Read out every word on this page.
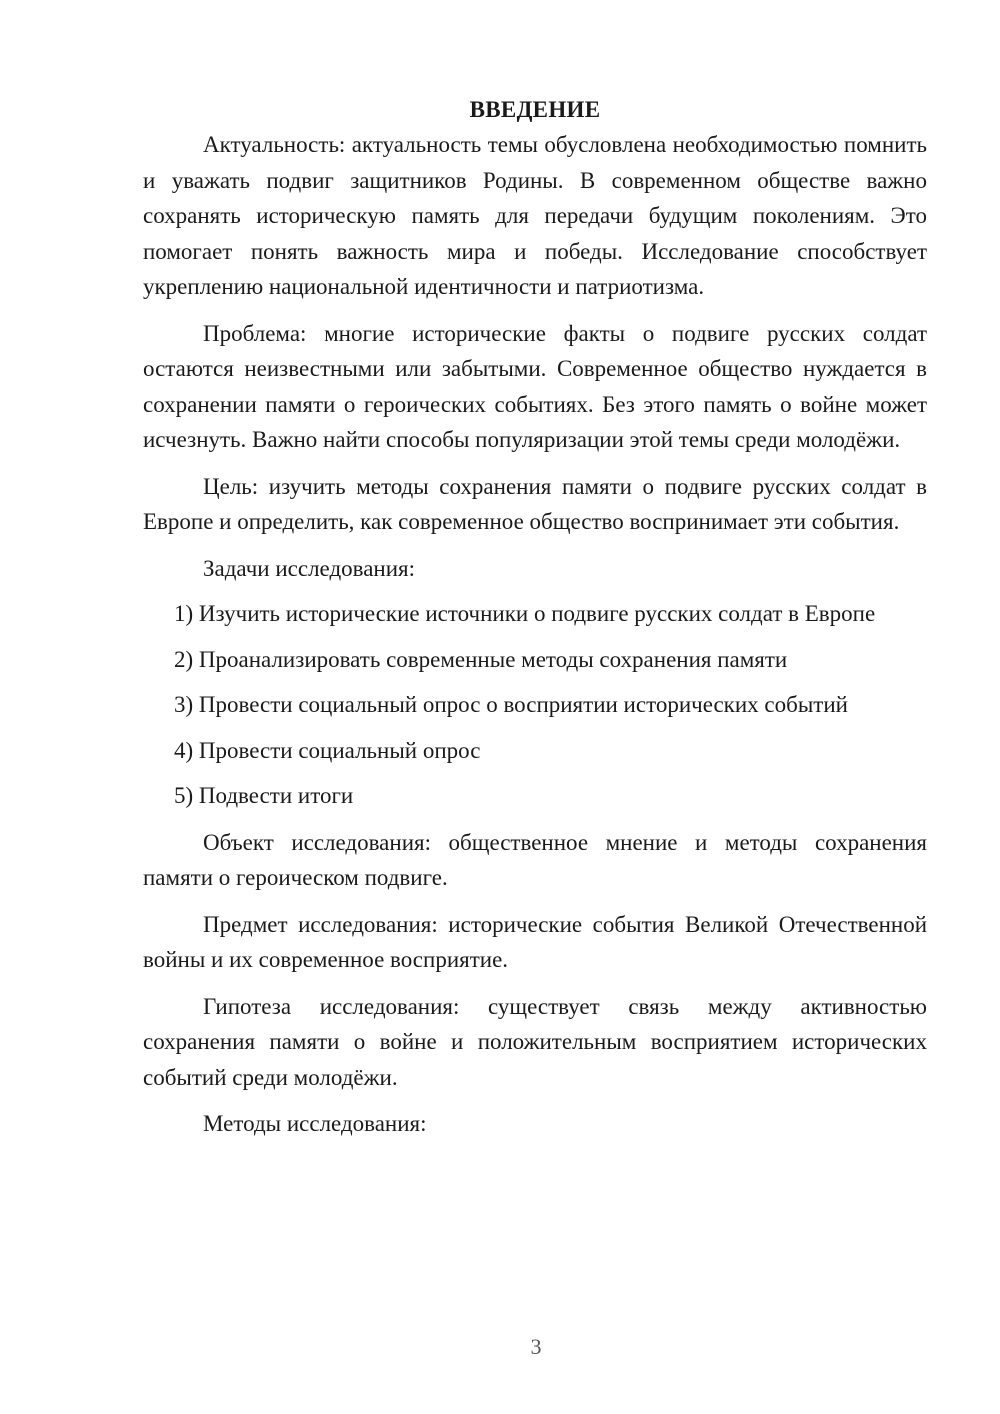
ВВЕДЕНИЕ

Актуальность: актуальность темы обусловлена необходимостью помнить и уважать подвиг защитников Родины. В современном обществе важно сохранять историческую память для передачи будущим поколениям. Это помогает понять важность мира и победы. Исследование способствует укреплению национальной идентичности и патриотизма.

Проблема: многие исторические факты о подвиге русских солдат остаются неизвестными или забытыми. Современное общество нуждается в сохранении памяти о героических событиях. Без этого память о войне может исчезнуть. Важно найти способы популяризации этой темы среди молодёжи.

Цель: изучить методы сохранения памяти о подвиге русских солдат в Европе и определить, как современное общество воспринимает эти события.

Задачи исследования:

1) Изучить исторические источники о подвиге русских солдат в Европе
2) Проанализировать современные методы сохранения памяти
3) Провести социальный опрос о восприятии исторических событий
4) Провести социальный опрос
5) Подвести итоги

Объект исследования: общественное мнение и методы сохранения памяти о героическом подвиге.

Предмет исследования: исторические события Великой Отечественной войны и их современное восприятие.

Гипотеза исследования: существует связь между активностью сохранения памяти о войне и положительным восприятием исторических событий среди молодёжи.

Методы исследования:

3
